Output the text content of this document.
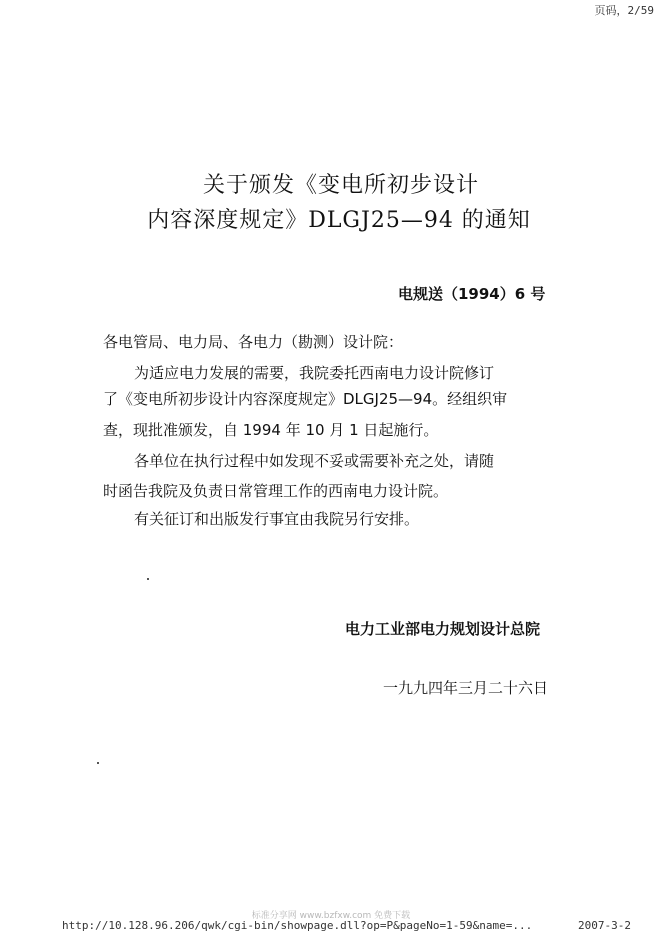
页码，2/59
关于颁发《变电所初步设计
内容深度规定》DLGJ25—94 的通知
电规送（1994）6 号
各电管局、电力局、各电力（勘测）设计院：
为适应电力发展的需要，我院委托西南电力设计院修订
了《变电所初步设计内容深度规定》DLGJ25—94。经组织审
查，现批准颁发，自 1994 年 10 月 1 日起施行。
各单位在执行过程中如发现不妥或需要补充之处，请随
时函告我院及负责日常管理工作的西南电力设计院。
有关征订和出版发行事宜由我院另行安排。
电力工业部电力规划设计总院
一九九四年三月二十六日
标准分享网 www.bzfxw.com 免费下载
http://10.128.96.206/qwk/cgi-bin/showpage.dll?op=P&pageNo=1-59&name=...	2007-3-2
